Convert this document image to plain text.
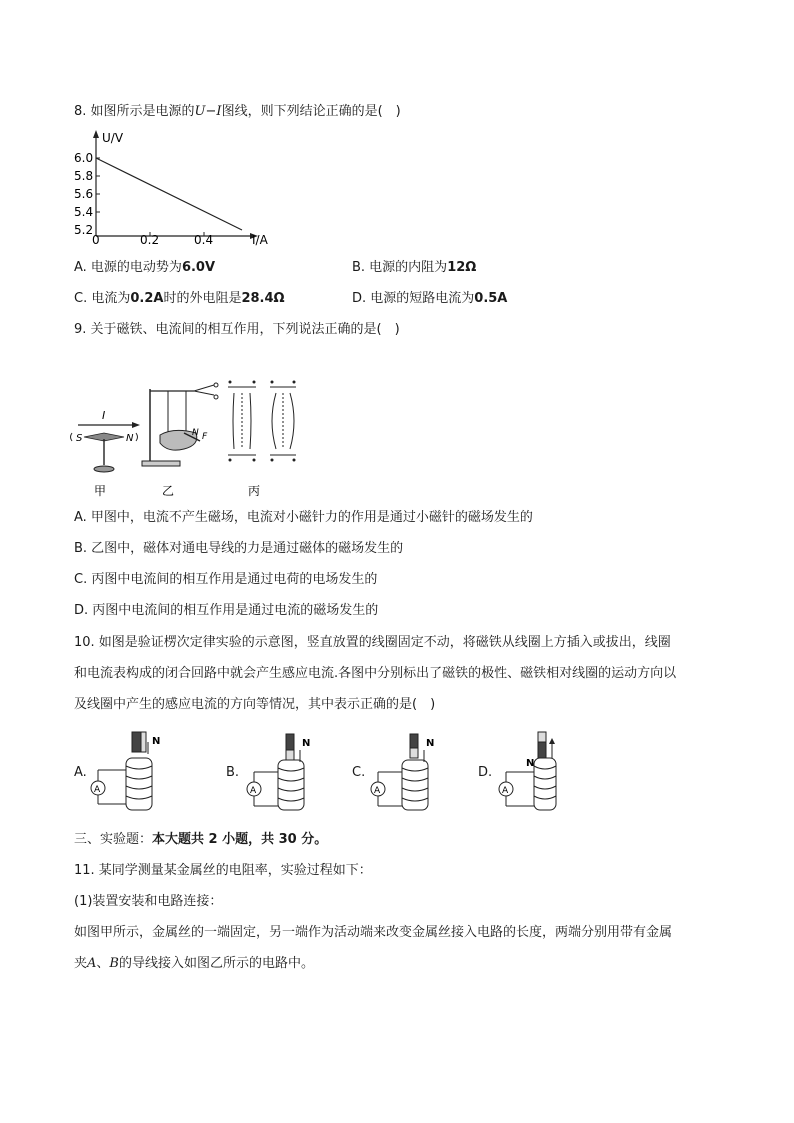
8. 如图所示是电源的U−I图线，则下列结论正确的是(　)
U/V
I/A
6.0
5.8
5.6
5.4
5.2
0	0.2	0.4
A. 电源的电动势为6.0V	B. 电源的内阻为12Ω
C. 电流为0.2A时的外电阻是28.4Ω	D. 电源的短路电流为0.5A
9. 关于磁铁、电流间的相互作用，下列说法正确的是(　)
I
S	N	N F
甲	乙	丙
A. 甲图中，电流不产生磁场，电流对小磁针力的作用是通过小磁针的磁场发生的
B. 乙图中，磁体对通电导线的力是通过磁体的磁场发生的
C. 丙图中电流间的相互作用是通过电荷的电场发生的
D. 丙图中电流间的相互作用是通过电流的磁场发生的
10. 如图是验证楞次定律实验的示意图，竖直放置的线圈固定不动，将磁铁从线圈上方插入或拔出，线圈
和电流表构成的闭合回路中就会产生感应电流.各图中分别标出了磁铁的极性、磁铁相对线圈的运动方向以
及线圈中产生的感应电流的方向等情况，其中表示正确的是(　)
A.
N
A
B.
N
A
C.
N
A
D.
N
A
三、实验题：本大题共 2 小题，共 30 分。
11. 某同学测量某金属丝的电阻率，实验过程如下：
(1)装置安装和电路连接：
如图甲所示，金属丝的一端固定，另一端作为活动端来改变金属丝接入电路的长度，两端分别用带有金属
夹A、B的导线接入如图乙所示的电路中。
